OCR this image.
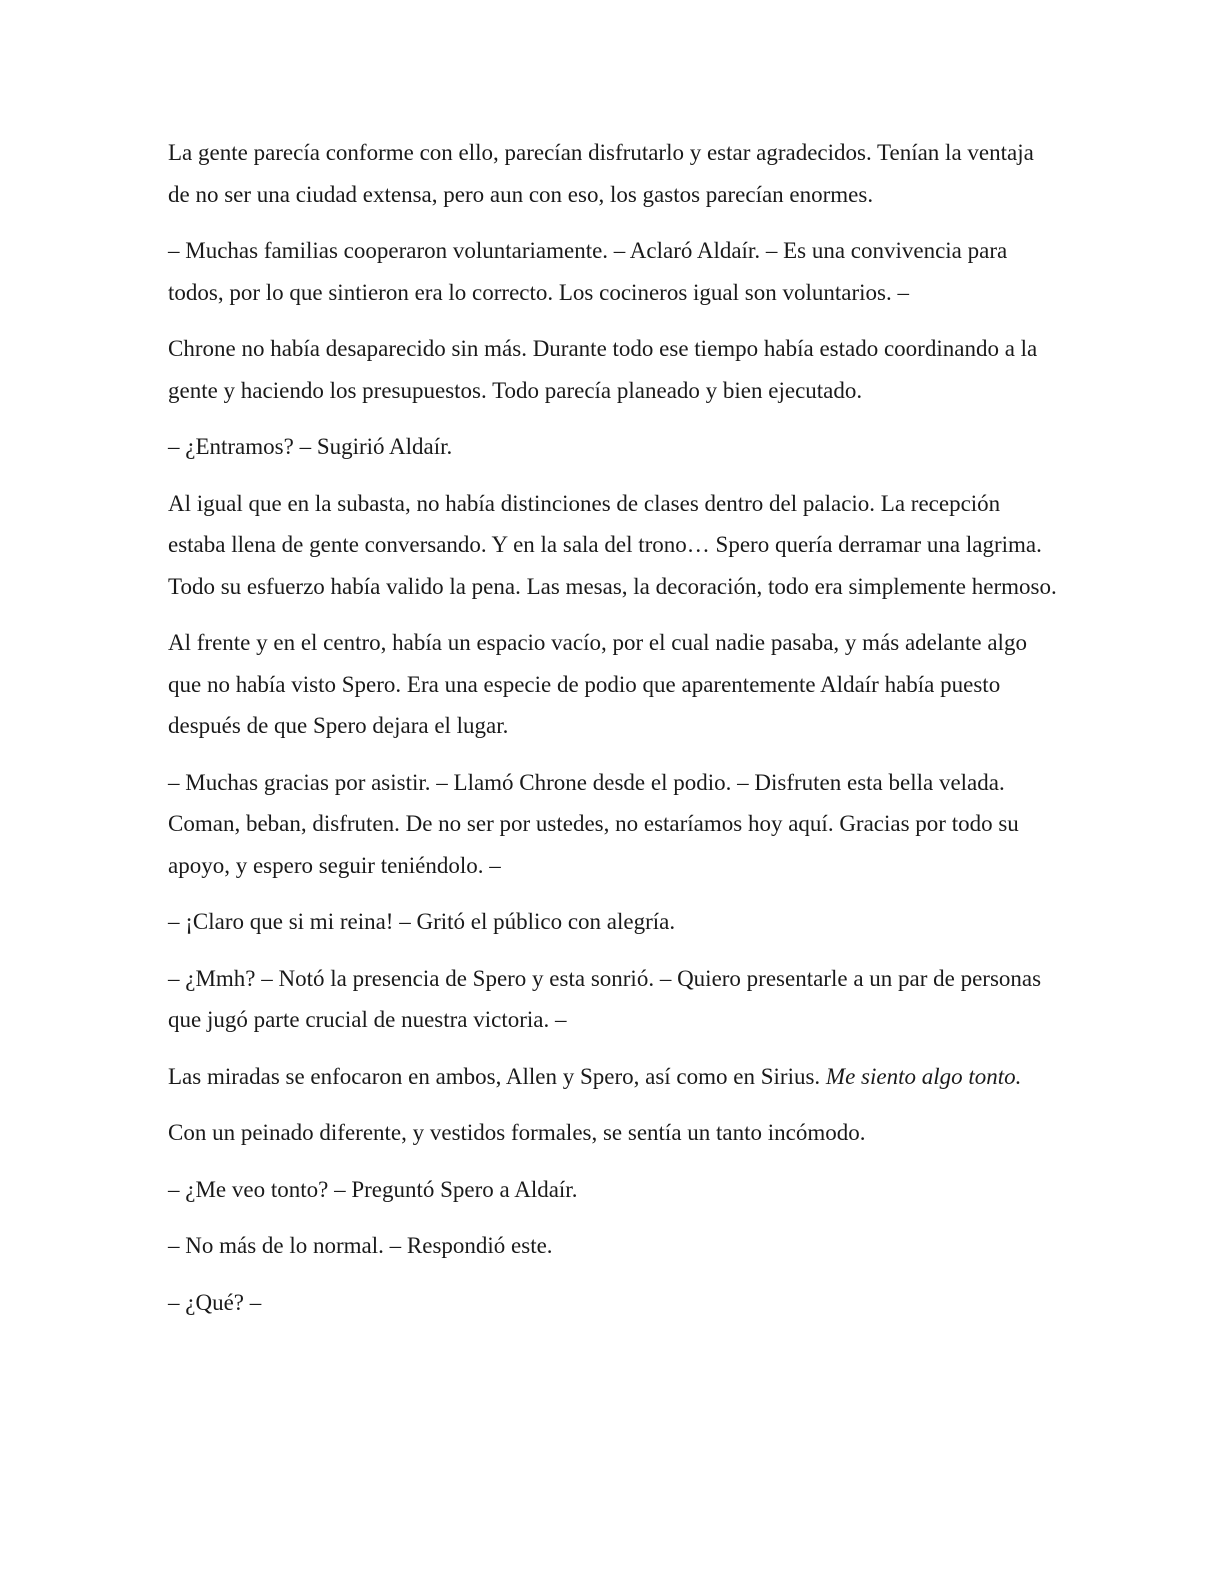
La gente parecía conforme con ello, parecían disfrutarlo y estar agradecidos. Tenían la ventaja de no ser una ciudad extensa, pero aun con eso, los gastos parecían enormes.

– Muchas familias cooperaron voluntariamente. – Aclaró Aldaír. – Es una convivencia para todos, por lo que sintieron era lo correcto. Los cocineros igual son voluntarios. –

Chrone no había desaparecido sin más. Durante todo ese tiempo había estado coordinando a la gente y haciendo los presupuestos. Todo parecía planeado y bien ejecutado.

– ¿Entramos? – Sugirió Aldaír.

Al igual que en la subasta, no había distinciones de clases dentro del palacio. La recepción estaba llena de gente conversando. Y en la sala del trono… Spero quería derramar una lagrima. Todo su esfuerzo había valido la pena. Las mesas, la decoración, todo era simplemente hermoso.

Al frente y en el centro, había un espacio vacío, por el cual nadie pasaba, y más adelante algo que no había visto Spero. Era una especie de podio que aparentemente Aldaír había puesto después de que Spero dejara el lugar.

– Muchas gracias por asistir. – Llamó Chrone desde el podio. – Disfruten esta bella velada. Coman, beban, disfruten. De no ser por ustedes, no estaríamos hoy aquí. Gracias por todo su apoyo, y espero seguir teniéndolo. –

– ¡Claro que si mi reina! – Gritó el público con alegría.

– ¿Mmh? – Notó la presencia de Spero y esta sonrió. – Quiero presentarle a un par de personas que jugó parte crucial de nuestra victoria. –

Las miradas se enfocaron en ambos, Allen y Spero, así como en Sirius. Me siento algo tonto.

Con un peinado diferente, y vestidos formales, se sentía un tanto incómodo.

– ¿Me veo tonto? – Preguntó Spero a Aldaír.

– No más de lo normal. – Respondió este.

– ¿Qué? –
